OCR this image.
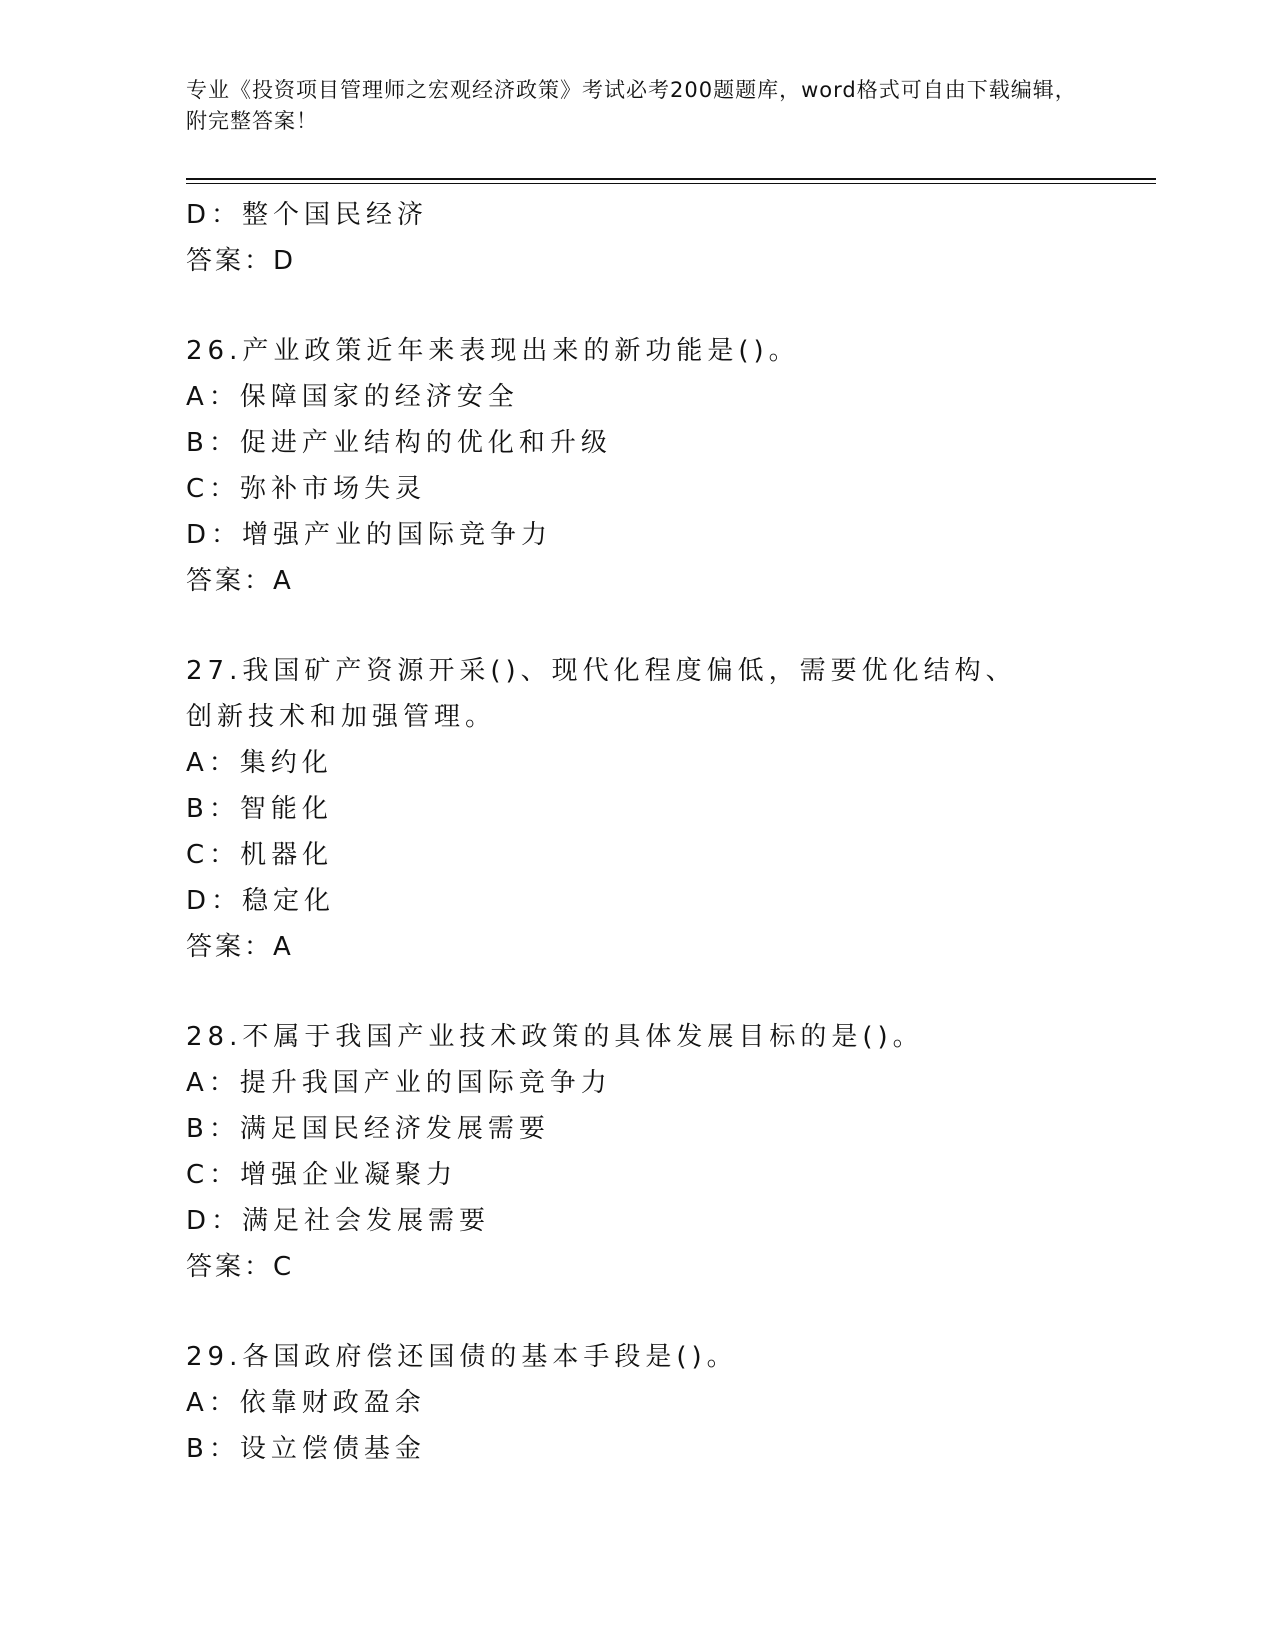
专业《投资项目管理师之宏观经济政策》考试必考200题题库，word格式可自由下载编辑，附完整答案！
D：整个国民经济
答案：D
26.产业政策近年来表现出来的新功能是()。
A：保障国家的经济安全
B：促进产业结构的优化和升级
C：弥补市场失灵
D：增强产业的国际竞争力
答案：A
27.我国矿产资源开采()、现代化程度偏低，需要优化结构、创新技术和加强管理。
A：集约化
B：智能化
C：机器化
D：稳定化
答案：A
28.不属于我国产业技术政策的具体发展目标的是()。
A：提升我国产业的国际竞争力
B：满足国民经济发展需要
C：增强企业凝聚力
D：满足社会发展需要
答案：C
29.各国政府偿还国债的基本手段是()。
A：依靠财政盈余
B：设立偿债基金
